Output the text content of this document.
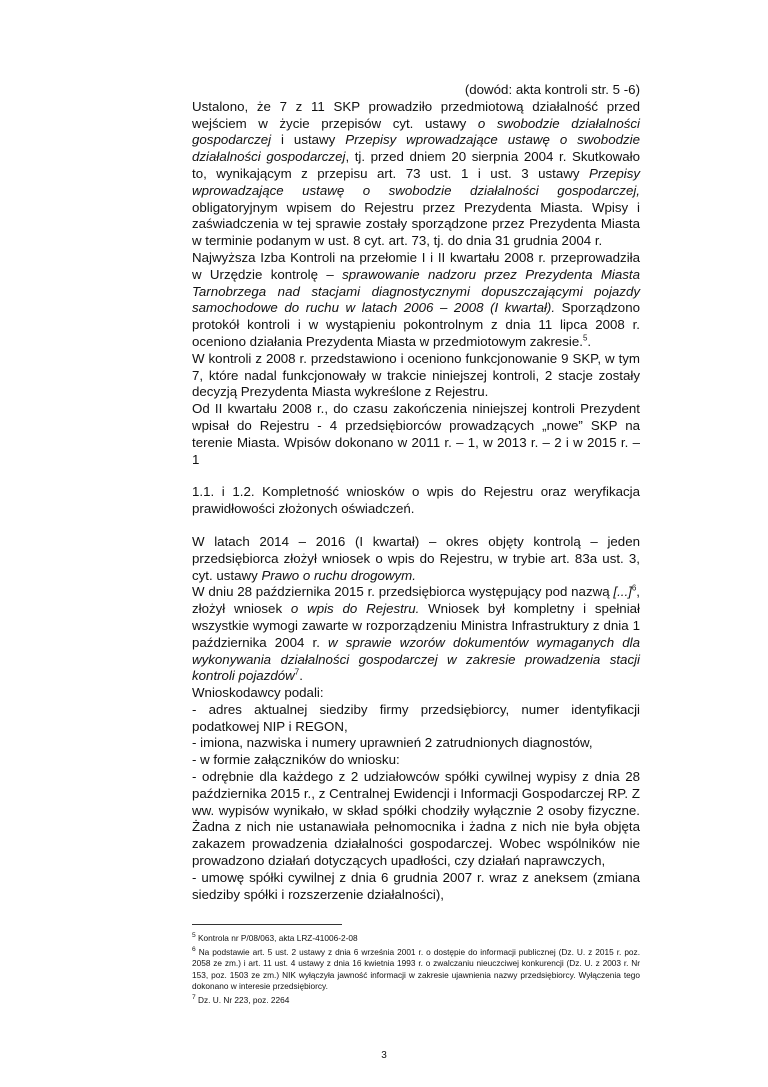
(dowód: akta kontroli str. 5 -6)

Ustalono, że 7 z 11 SKP prowadziło przedmiotową działalność przed wejściem w życie przepisów cyt. ustawy o swobodzie działalności gospodarczej i ustawy Przepisy wprowadzające ustawę o swobodzie działalności gospodarczej, tj. przed dniem 20 sierpnia 2004 r. Skutkowało to, wynikającym z przepisu art. 73 ust. 1 i ust. 3 ustawy Przepisy wprowadzające ustawę o swobodzie działalności gospodarczej, obligatoryjnym wpisem do Rejestru przez Prezydenta Miasta. Wpisy i zaświadczenia w tej sprawie zostały sporządzone przez Prezydenta Miasta w terminie podanym w ust. 8 cyt. art. 73, tj. do dnia 31 grudnia 2004 r.

Najwyższa Izba Kontroli na przełomie I i II kwartału 2008 r. przeprowadziła w Urzędzie kontrolę – sprawowanie nadzoru przez Prezydenta Miasta Tarnobrzega nad stacjami diagnostycznymi dopuszczającymi pojazdy samochodowe do ruchu w latach 2006 – 2008 (I kwartał). Sporządzono protokół kontroli i w wystąpieniu pokontrolnym z dnia 11 lipca 2008 r. oceniono działania Prezydenta Miasta w przedmiotowym zakresie.$^5$.

W kontroli z 2008 r. przedstawiono i oceniono funkcjonowanie 9 SKP, w tym 7, które nadal funkcjonowały w trakcie niniejszej kontroli, 2 stacje zostały decyzją Prezydenta Miasta wykreślone z Rejestru.

Od II kwartału 2008 r., do czasu zakończenia niniejszej kontroli Prezydent wpisał do Rejestru - 4 przedsiębiorców prowadzących „nowe” SKP na terenie Miasta. Wpisów dokonano w 2011 r. – 1, w 2013 r. – 2 i w 2015 r. – 1

1.1. i 1.2. Kompletność wniosków o wpis do Rejestru oraz weryfikacja prawidłowości złożonych oświadczeń.

W latach 2014 – 2016 (I kwartał) – okres objęty kontrolą – jeden przedsiębiorca złożył wniosek o wpis do Rejestru, w trybie art. 83a ust. 3, cyt. ustawy Prawo o ruchu drogowym.

W dniu 28 października 2015 r. przedsiębiorca występujący pod nazwą [...]$^6$, złożył wniosek o wpis do Rejestru. Wniosek był kompletny i spełniał wszystkie wymogi zawarte w rozporządzeniu Ministra Infrastruktury z dnia 1 października 2004 r. w sprawie wzorów dokumentów wymaganych dla wykonywania działalności gospodarczej w zakresie prowadzenia stacji kontroli pojazdów$^7$.

Wnioskodawcy podali:

- adres aktualnej siedziby firmy przedsiębiorcy, numer identyfikacji podatkowej NIP i REGON,

- imiona, nazwiska i numery uprawnień 2 zatrudnionych diagnostów,

- w formie załączników do wniosku:

- odrębnie dla każdego z 2 udziałowców spółki cywilnej wypisy z dnia 28 października 2015 r., z Centralnej Ewidencji i Informacji Gospodarczej RP. Z ww. wypisów wynikało, w skład spółki chodziły wyłącznie 2 osoby fizyczne. Żadna z nich nie ustanawiała pełnomocnika i żadna z nich nie była objęta zakazem prowadzenia działalności gospodarczej. Wobec wspólników nie prowadzono działań dotyczących upadłości, czy działań naprawczych,

- umowę spółki cywilnej z dnia 6 grudnia 2007 r. wraz z aneksem (zmiana siedziby spółki i rozszerzenie działalności),

$^5$ Kontrola nr P/08/063, akta LRZ-41006-2-08

$^6$ Na podstawie art. 5 ust. 2 ustawy z dnia 6 września 2001 r. o dostępie do informacji publicznej (Dz. U. z 2015 r. poz. 2058 ze zm.) i art. 11 ust. 4 ustawy z dnia 16 kwietnia 1993 r. o zwalczaniu nieuczciwej konkurencji (Dz. U. z 2003 r. Nr 153, poz. 1503 ze zm.) NIK wyłączyła jawność informacji w zakresie ujawnienia nazwy przedsiębiorcy. Wyłączenia tego dokonano w interesie przedsiębiorcy.

$^7$ Dz. U. Nr 223, poz. 2264

3
